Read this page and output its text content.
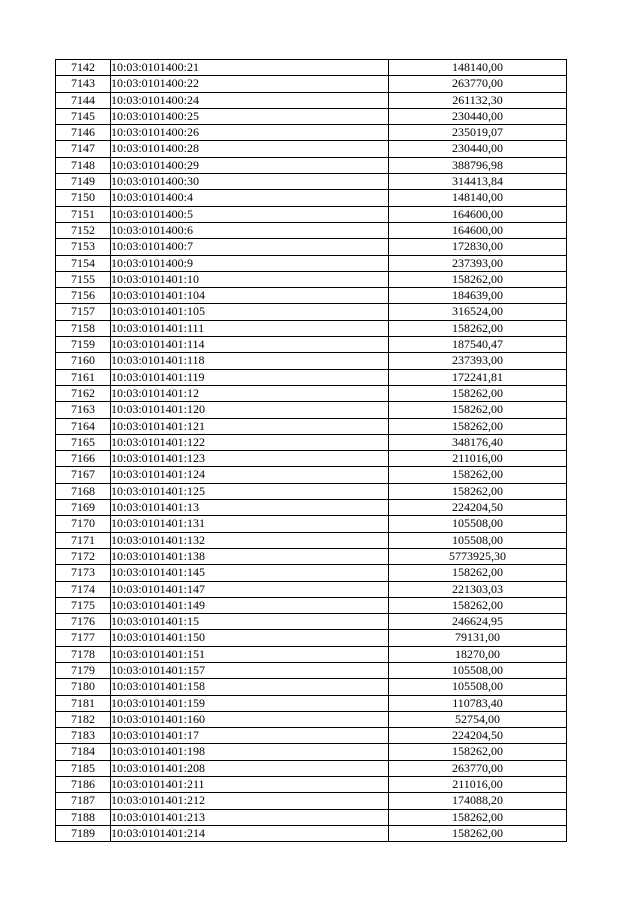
7142	10:03:0101400:21	148140,00
7143	10:03:0101400:22	263770,00
7144	10:03:0101400:24	261132,30
7145	10:03:0101400:25	230440,00
7146	10:03:0101400:26	235019,07
7147	10:03:0101400:28	230440,00
7148	10:03:0101400:29	388796,98
7149	10:03:0101400:30	314413,84
7150	10:03:0101400:4	148140,00
7151	10:03:0101400:5	164600,00
7152	10:03:0101400:6	164600,00
7153	10:03:0101400:7	172830,00
7154	10:03:0101400:9	237393,00
7155	10:03:0101401:10	158262,00
7156	10:03:0101401:104	184639,00
7157	10:03:0101401:105	316524,00
7158	10:03:0101401:111	158262,00
7159	10:03:0101401:114	187540,47
7160	10:03:0101401:118	237393,00
7161	10:03:0101401:119	172241,81
7162	10:03:0101401:12	158262,00
7163	10:03:0101401:120	158262,00
7164	10:03:0101401:121	158262,00
7165	10:03:0101401:122	348176,40
7166	10:03:0101401:123	211016,00
7167	10:03:0101401:124	158262,00
7168	10:03:0101401:125	158262,00
7169	10:03:0101401:13	224204,50
7170	10:03:0101401:131	105508,00
7171	10:03:0101401:132	105508,00
7172	10:03:0101401:138	5773925,30
7173	10:03:0101401:145	158262,00
7174	10:03:0101401:147	221303,03
7175	10:03:0101401:149	158262,00
7176	10:03:0101401:15	246624,95
7177	10:03:0101401:150	79131,00
7178	10:03:0101401:151	18270,00
7179	10:03:0101401:157	105508,00
7180	10:03:0101401:158	105508,00
7181	10:03:0101401:159	110783,40
7182	10:03:0101401:160	52754,00
7183	10:03:0101401:17	224204,50
7184	10:03:0101401:198	158262,00
7185	10:03:0101401:208	263770,00
7186	10:03:0101401:211	211016,00
7187	10:03:0101401:212	174088,20
7188	10:03:0101401:213	158262,00
7189	10:03:0101401:214	158262,00
